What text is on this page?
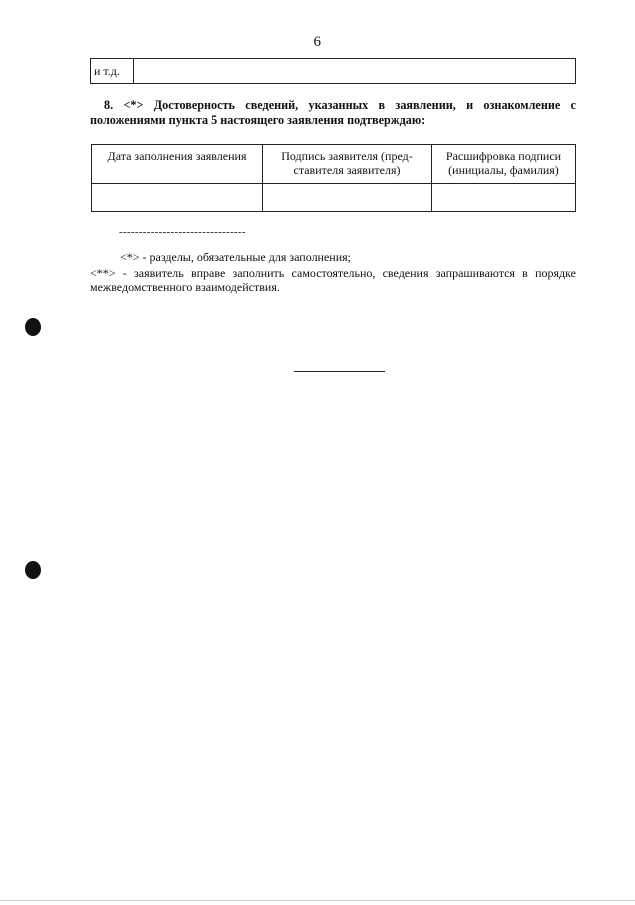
6
и т.д.	
8. <*> Достоверность сведений, указанных в заявлении, и ознакомление с положениями пункта 5 настоящего заявления подтверждаю:
Дата заполнения заявления	Подпись заявителя (пред-ставителя заявителя)	Расшифровка подписи (инициалы, фамилия)

--------------------------------
<*> - разделы, обязательные для заполнения;
<**> - заявитель вправе заполнить самостоятельно, сведения запрашиваются в порядке межведомственного взаимодействия.
